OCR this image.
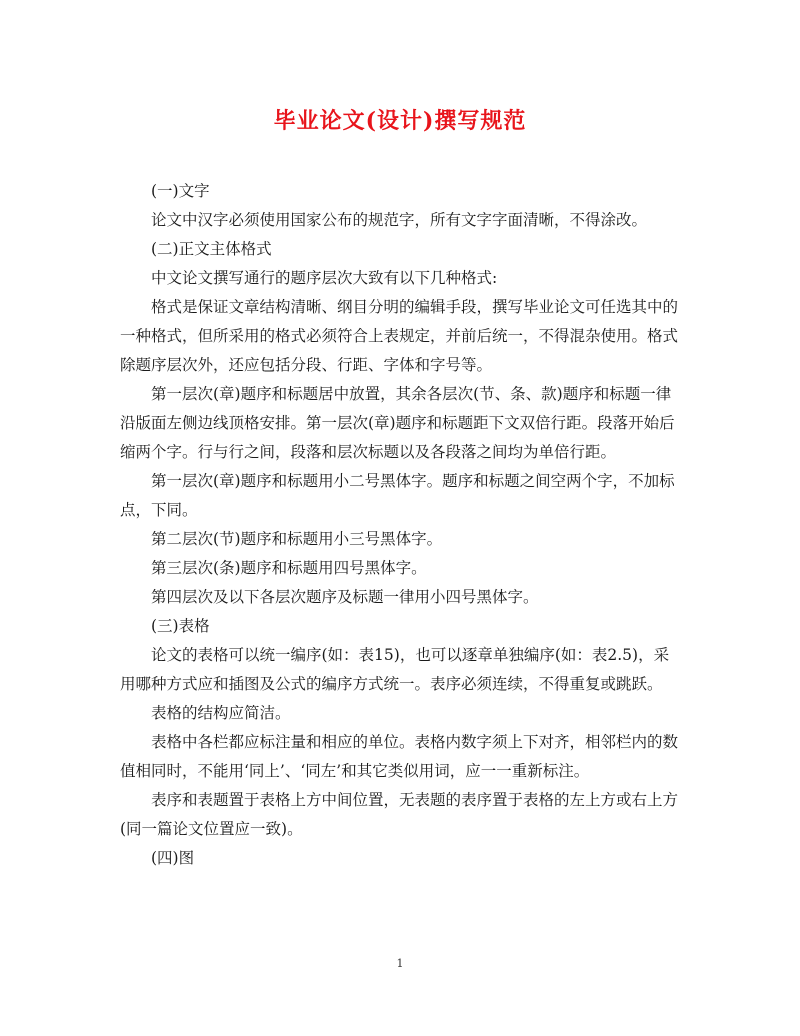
毕业论文(设计)撰写规范

(一)文字

论文中汉字必须使用国家公布的规范字，所有文字字面清晰，不得涂改。

(二)正文主体格式

中文论文撰写通行的题序层次大致有以下几种格式:

格式是保证文章结构清晰、纲目分明的编辑手段，撰写毕业论文可任选其中的一种格式，但所采用的格式必须符合上表规定，并前后统一，不得混杂使用。格式除题序层次外，还应包括分段、行距、字体和字号等。

第一层次(章)题序和标题居中放置，其余各层次(节、条、款)题序和标题一律沿版面左侧边线顶格安排。第一层次(章)题序和标题距下文双倍行距。段落开始后缩两个字。行与行之间，段落和层次标题以及各段落之间均为单倍行距。

第一层次(章)题序和标题用小二号黑体字。题序和标题之间空两个字，不加标点，下同。

第二层次(节)题序和标题用小三号黑体字。

第三层次(条)题序和标题用四号黑体字。

第四层次及以下各层次题序及标题一律用小四号黑体字。

(三)表格

论文的表格可以统一编序(如：表15)，也可以逐章单独编序(如：表2.5)，采用哪种方式应和插图及公式的编序方式统一。表序必须连续，不得重复或跳跃。

表格的结构应简洁。

表格中各栏都应标注量和相应的单位。表格内数字须上下对齐，相邻栏内的数值相同时，不能用‘同上’、‘同左’和其它类似用词，应一一重新标注。

表序和表题置于表格上方中间位置，无表题的表序置于表格的左上方或右上方(同一篇论文位置应一致)。

(四)图

1
